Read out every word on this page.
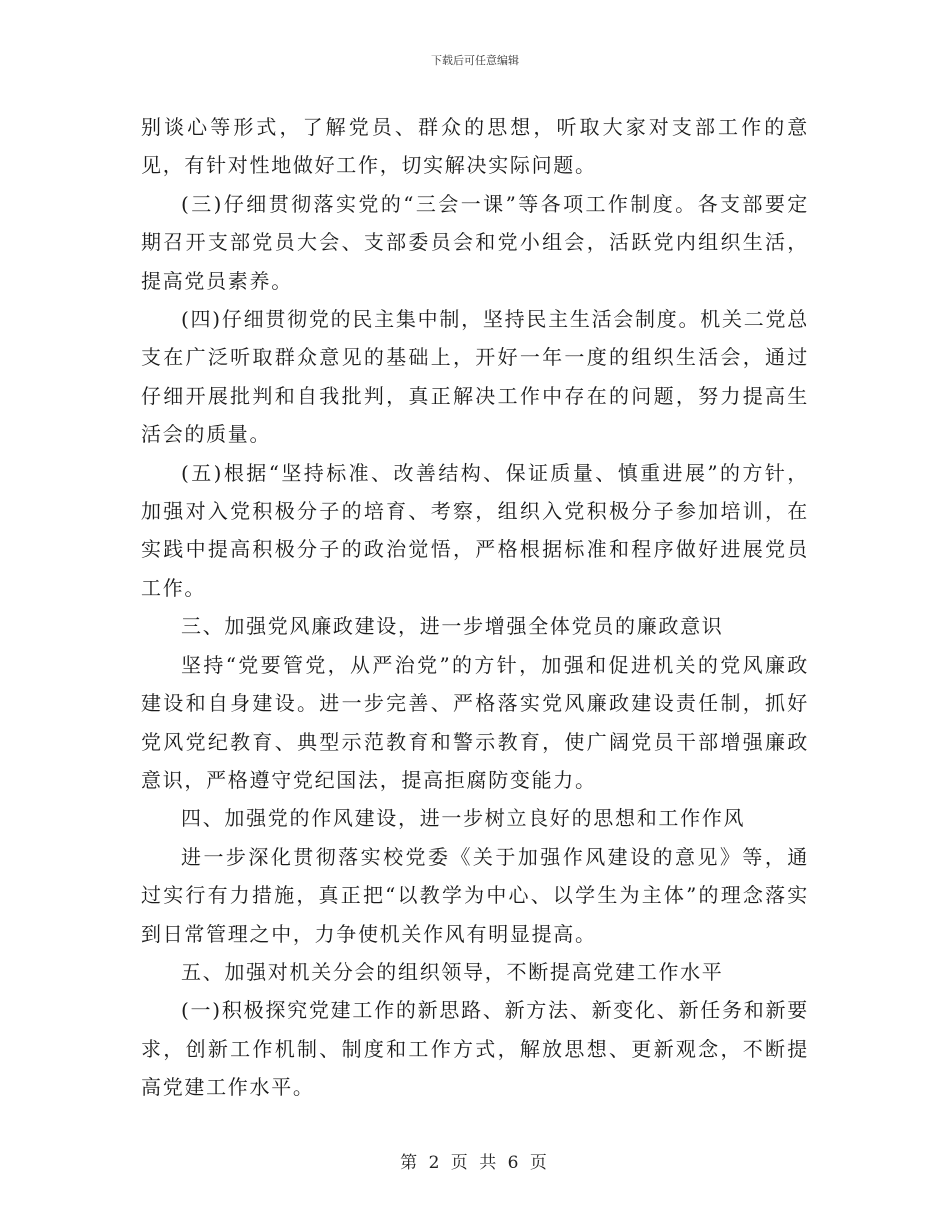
下载后可任意编辑

别谈心等形式，了解党员、群众的思想，听取大家对支部工作的意见，有针对性地做好工作，切实解决实际问题。

(三)仔细贯彻落实党的“三会一课”等各项工作制度。各支部要定期召开支部党员大会、支部委员会和党小组会，活跃党内组织生活，提高党员素养。

(四)仔细贯彻党的民主集中制，坚持民主生活会制度。机关二党总支在广泛听取群众意见的基础上，开好一年一度的组织生活会，通过仔细开展批判和自我批判，真正解决工作中存在的问题，努力提高生活会的质量。

(五)根据“坚持标准、改善结构、保证质量、慎重进展”的方针，加强对入党积极分子的培育、考察，组织入党积极分子参加培训，在实践中提高积极分子的政治觉悟，严格根据标准和程序做好进展党员工作。

三、加强党风廉政建设，进一步增强全体党员的廉政意识

坚持“党要管党，从严治党”的方针，加强和促进机关的党风廉政建设和自身建设。进一步完善、严格落实党风廉政建设责任制，抓好党风党纪教育、典型示范教育和警示教育，使广阔党员干部增强廉政意识，严格遵守党纪国法，提高拒腐防变能力。

四、加强党的作风建设，进一步树立良好的思想和工作作风

进一步深化贯彻落实校党委《关于加强作风建设的意见》等，通过实行有力措施，真正把“以教学为中心、以学生为主体”的理念落实到日常管理之中，力争使机关作风有明显提高。

五、加强对机关分会的组织领导，不断提高党建工作水平

(一)积极探究党建工作的新思路、新方法、新变化、新任务和新要求，创新工作机制、制度和工作方式，解放思想、更新观念，不断提高党建工作水平。

第 2 页 共 6 页
